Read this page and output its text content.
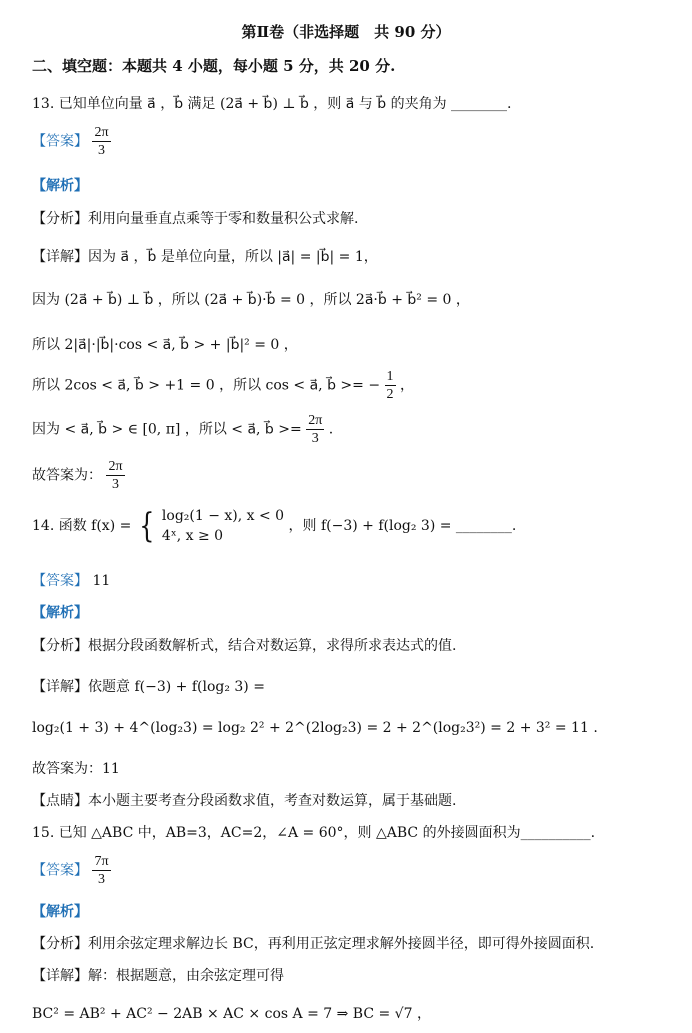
第Ⅱ卷（非选择题　共 90 分）
二、填空题：本题共 4 小题，每小题 5 分，共 20 分.
13. 已知单位向量 a⃗ ，b⃗ 满足 (2a⃗ + b⃗) ⊥ b⃗ ，则 a⃗ 与 b⃗ 的夹角为 ________.
【答案】 $\frac{2\pi}{3}$
【解析】
【分析】利用向量垂直点乘等于零和数量积公式求解.
【详解】因为 a⃗ ，b⃗ 是单位向量，所以 |a⃗| = |b⃗| = 1，
因为 (2a⃗ + b⃗) ⊥ b⃗ ，所以 (2a⃗ + b⃗)·b⃗ = 0 ，所以 2a⃗·b⃗ + b⃗² = 0 ，
所以 2|a⃗|·|b⃗|·cos < a⃗, b⃗ > + |b⃗|² = 0 ，
所以 2cos < a⃗, b⃗ > +1 = 0 ，所以 cos < a⃗, b⃗ >= − $\frac{1}{2}$ ，
因为 < a⃗, b⃗ > ∈ [0, π] ，所以 < a⃗, b⃗ >= $\frac{2\pi}{3}$ .
故答案为： $\frac{2\pi}{3}$
14. 函数 f(x) = { log₂(1 − x), x < 0
4ˣ, x ≥ 0
，则 f(−3) + f(log₂ 3) = ________.
【答案】 11
【解析】
【分析】根据分段函数解析式，结合对数运算，求得所求表达式的值.
【详解】依题意 f(−3) + f(log₂ 3) =
log₂(1 + 3) + 4^(log₂3) = log₂ 2² + 2^(2log₂3) = 2 + 2^(log₂3²) = 2 + 3² = 11 .
故答案为：11
【点睛】本小题主要考查分段函数求值，考查对数运算，属于基础题.
15. 已知 △ABC 中，AB=3，AC=2，∠A = 60°，则 △ABC 的外接圆面积为__________.
【答案】 $\frac{7\pi}{3}$
【解析】
【分析】利用余弦定理求解边长 BC，再利用正弦定理求解外接圆半径，即可得外接圆面积.
【详解】解：根据题意，由余弦定理可得
BC² = AB² + AC² − 2AB × AC × cos A = 7 ⇒ BC = √7 ，
